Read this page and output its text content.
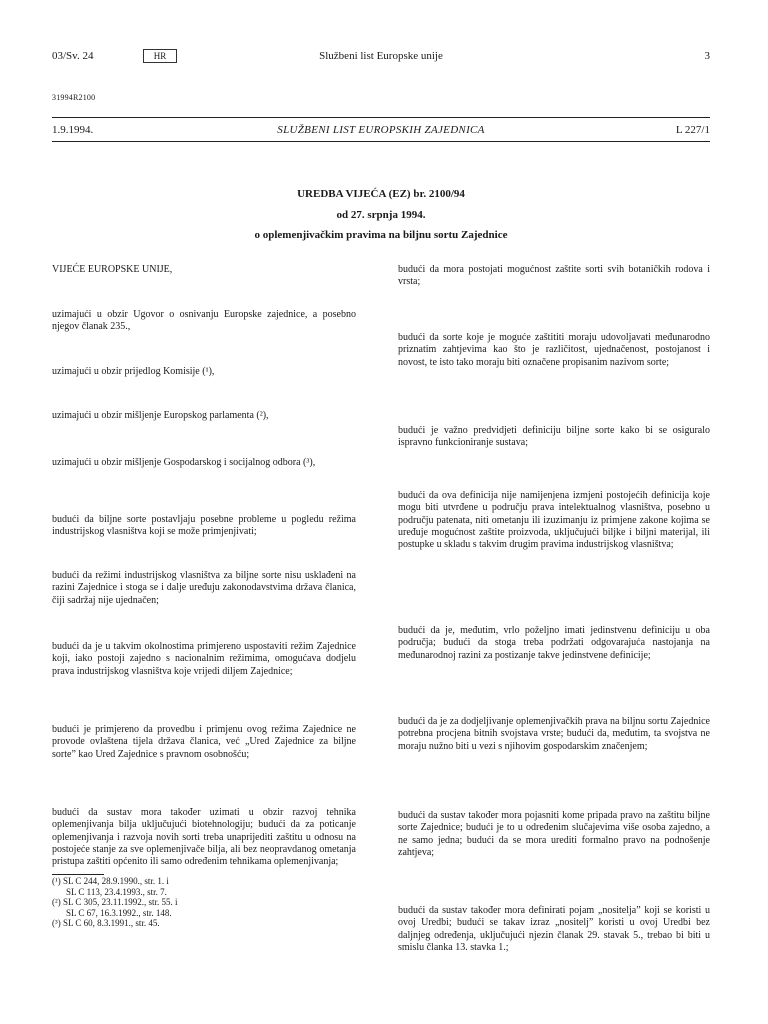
03/Sv. 24	HR	Službeni list Europske unije	3
31994R2100
1.9.1994.	SLUŽBENI LIST EUROPSKIH ZAJEDNICA	L 227/1
UREDBA VIJEĆA (EZ) br. 2100/94
od 27. srpnja 1994.
o oplemenjivačkim pravima na biljnu sortu Zajednice

VIJEĆE EUROPSKE UNIJE,

uzimajući u obzir Ugovor o osnivanju Europske zajednice, a posebno njegov članak 235.,

uzimajući u obzir prijedlog Komisije (¹),

uzimajući u obzir mišljenje Europskog parlamenta (²),

uzimajući u obzir mišljenje Gospodarskog i socijalnog odbora (³),

budući da biljne sorte postavljaju posebne probleme u pogledu režima industrijskog vlasništva koji se može primjenjivati;

budući da režimi industrijskog vlasništva za biljne sorte nisu usklađeni na razini Zajednice i stoga se i dalje uređuju zakonodavstvima država članica, čiji sadržaj nije ujednačen;

budući da je u takvim okolnostima primjereno uspostaviti režim Zajednice koji, iako postoji zajedno s nacionalnim režimima, omogućava dodjelu prava industrijskog vlasništva koje vrijedi diljem Zajednice;

budući je primjereno da provedbu i primjenu ovog režima Zajednice ne provode ovlaštena tijela država članica, već „Ured Zajednice za biljne sorte” kao Ured Zajednice s pravnom osobnošću;

budući da sustav mora također uzimati u obzir razvoj tehnika oplemenjivanja bilja uključujući biotehnologiju; budući da za poticanje oplemenjivanja i razvoja novih sorti treba unaprijediti zaštitu u odnosu na postojeće stanje za sve oplemenjivače bilja, ali bez neopravdanog ometanja pristupa zaštiti općenito ili samo određenim tehnikama oplemenjivanja;

budući da mora postojati mogućnost zaštite sorti svih botaničkih rodova i vrsta;

budući da sorte koje je moguće zaštititi moraju udovoljavati međunarodno priznatim zahtjevima kao što je različitost, ujednačenost, postojanost i novost, te isto tako moraju biti označene propisanim nazivom sorte;

budući je važno predvidjeti definiciju biljne sorte kako bi se osiguralo ispravno funkcioniranje sustava;

budući da ova definicija nije namijenjena izmjeni postojećih definicija koje mogu biti utvrđene u području prava intelektualnog vlasništva, posebno u području patenata, niti ometanju ili izuzimanju iz primjene zakone kojima se uređuje mogućnost zaštite proizvoda, uključujući biljke i biljni materijal, ili postupke u skladu s takvim drugim pravima industrijskog vlasništva;

budući da je, međutim, vrlo poželjno imati jedinstvenu definiciju u oba područja; budući da stoga treba podržati odgovarajuća nastojanja na međunarodnoj razini za postizanje takve jedinstvene definicije;

budući da je za dodjeljivanje oplemenjivačkih prava na biljnu sortu Zajednice potrebna procjena bitnih svojstava vrste; budući da, međutim, ta svojstva ne moraju nužno biti u vezi s njihovim gospodarskim značenjem;

budući da sustav također mora pojasniti kome pripada pravo na zaštitu biljne sorte Zajednice; budući je to u određenim slučajevima više osoba zajedno, a ne samo jedna; budući da se mora urediti formalno pravo na podnošenje zahtjeva;

budući da sustav također mora definirati pojam „nositelja” koji se koristi u ovoj Uredbi; budući se takav izraz „nositelj” koristi u ovoj Uredbi bez daljnjeg određenja, uključujući njezin članak 29. stavak 5., trebao bi biti u smislu članka 13. stavka 1.;

(¹) SL C 244, 28.9.1990., str. 1. i
SL C 113, 23.4.1993., str. 7.
(²) SL C 305, 23.11.1992., str. 55. i
SL C 67, 16.3.1992., str. 148.
(³) SL C 60, 8.3.1991., str. 45.
